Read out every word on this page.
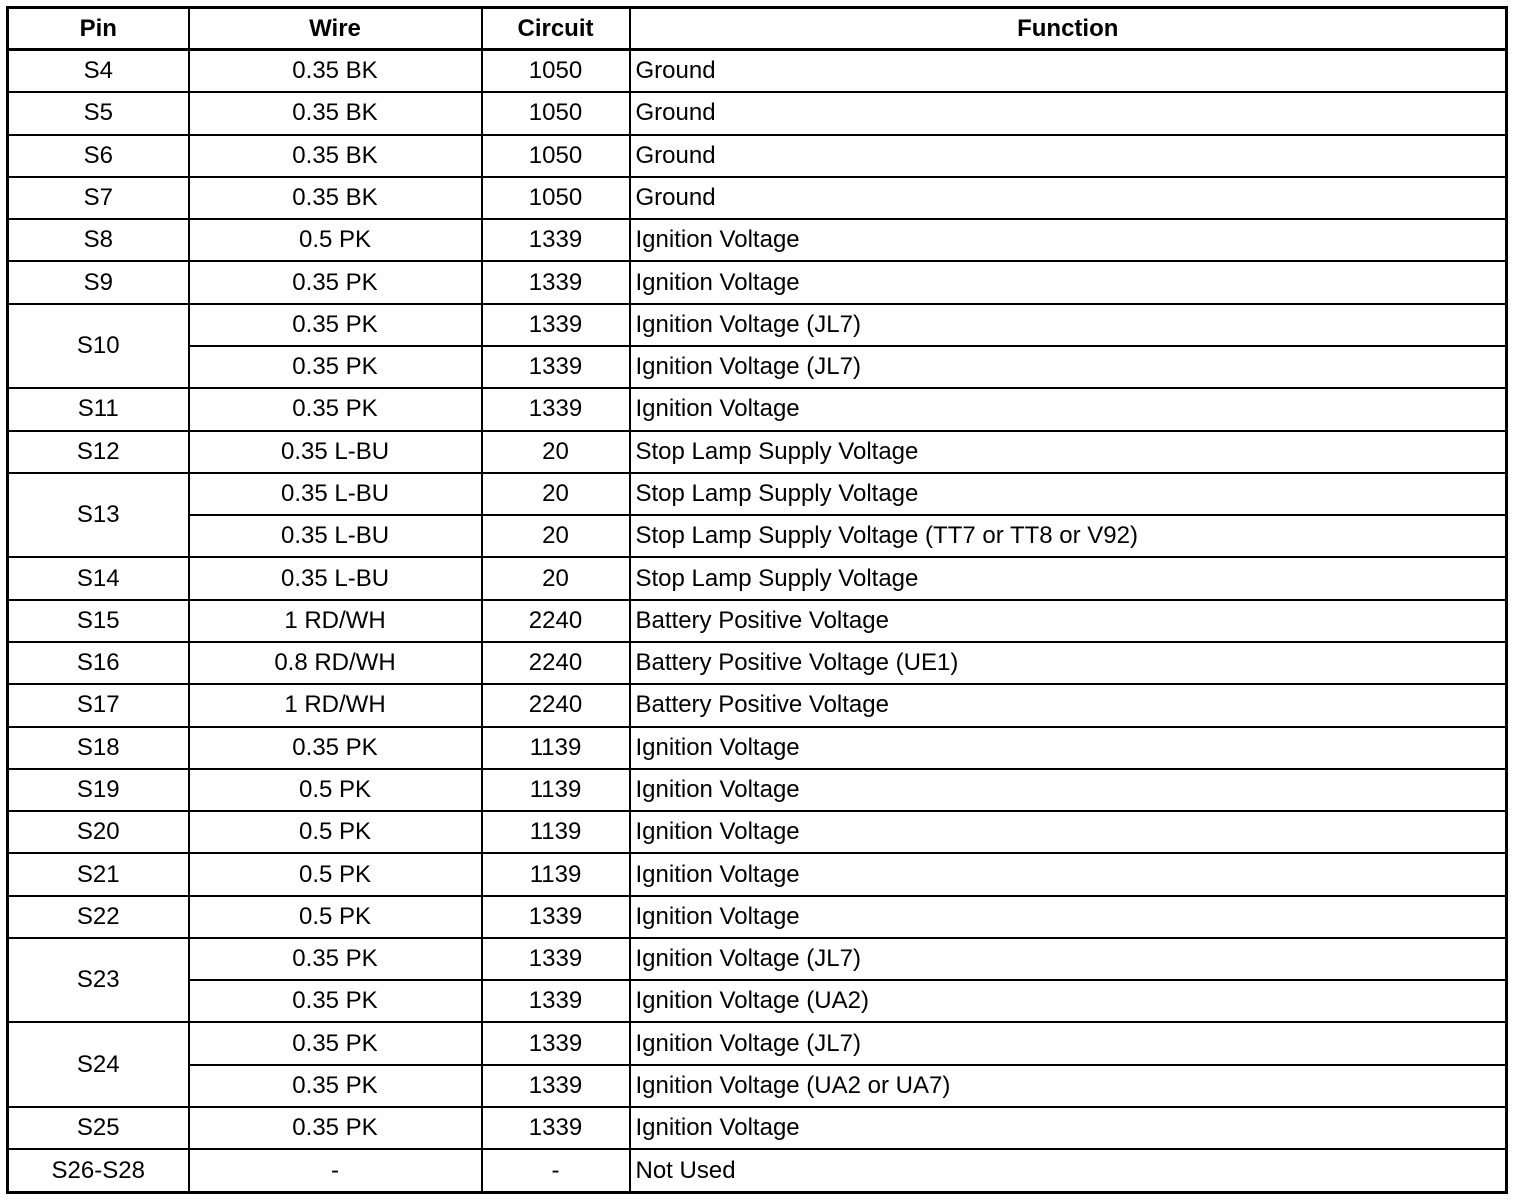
Pin	Wire	Circuit	Function
S4	0.35 BK	1050	Ground
S5	0.35 BK	1050	Ground
S6	0.35 BK	1050	Ground
S7	0.35 BK	1050	Ground
S8	0.5 PK	1339	Ignition Voltage
S9	0.35 PK	1339	Ignition Voltage
S10	0.35 PK	1339	Ignition Voltage (JL7)
	0.35 PK	1339	Ignition Voltage (JL7)
S11	0.35 PK	1339	Ignition Voltage
S12	0.35 L-BU	20	Stop Lamp Supply Voltage
S13	0.35 L-BU	20	Stop Lamp Supply Voltage
	0.35 L-BU	20	Stop Lamp Supply Voltage (TT7 or TT8 or V92)
S14	0.35 L-BU	20	Stop Lamp Supply Voltage
S15	1 RD/WH	2240	Battery Positive Voltage
S16	0.8 RD/WH	2240	Battery Positive Voltage (UE1)
S17	1 RD/WH	2240	Battery Positive Voltage
S18	0.35 PK	1139	Ignition Voltage
S19	0.5 PK	1139	Ignition Voltage
S20	0.5 PK	1139	Ignition Voltage
S21	0.5 PK	1139	Ignition Voltage
S22	0.5 PK	1339	Ignition Voltage
S23	0.35 PK	1339	Ignition Voltage (JL7)
	0.35 PK	1339	Ignition Voltage (UA2)
S24	0.35 PK	1339	Ignition Voltage (JL7)
	0.35 PK	1339	Ignition Voltage (UA2 or UA7)
S25	0.35 PK	1339	Ignition Voltage
S26-S28	-	-	Not Used
